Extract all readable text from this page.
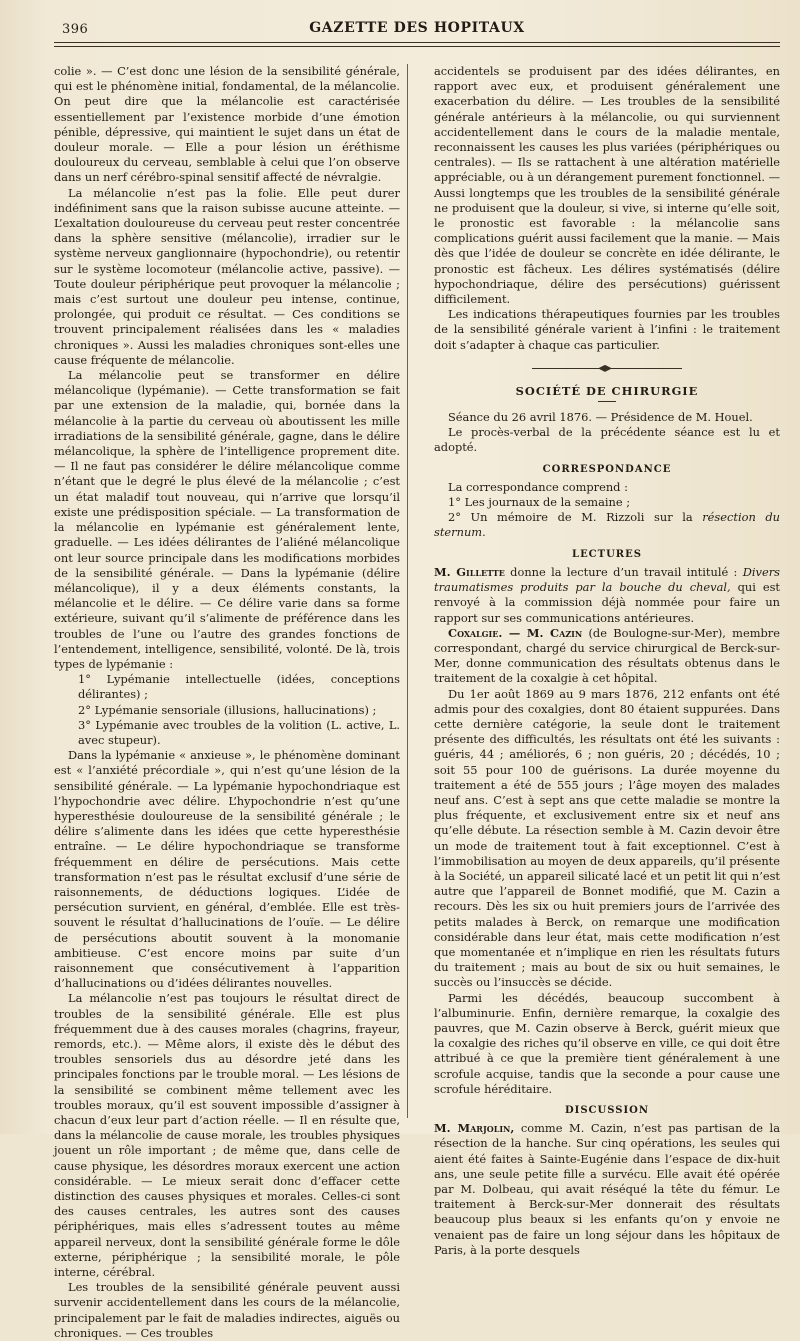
396	GAZETTE DES HOPITAUX

colie ». — C’est donc une lésion de la sensibilité générale, qui est le phénomène initial, fondamental, de la mélancolie. On peut dire que la mélancolie est caractérisée essentiellement par l’existence morbide d’une émotion pénible, dépressive, qui maintient le sujet dans un état de douleur morale. — Elle a pour lésion un éréthisme douloureux du cerveau, semblable à celui que l’on observe dans un nerf cérébro-spinal sensitif affecté de névralgie.

La mélancolie n’est pas la folie. Elle peut durer indéfiniment sans que la raison subisse aucune atteinte. — L’exaltation douloureuse du cerveau peut rester concentrée dans la sphère sensitive (mélancolie), irradier sur le système nerveux ganglionnaire (hypochondrie), ou retentir sur le système locomoteur (mélancolie active, passive). — Toute douleur périphérique peut provoquer la mélancolie ; mais c’est surtout une douleur peu intense, continue, prolongée, qui produit ce résultat. — Ces conditions se trouvent principalement réalisées dans les « maladies chroniques ». Aussi les maladies chroniques sont-elles une cause fréquente de mélancolie.

La mélancolie peut se transformer en délire mélancolique (lypémanie). — Cette transformation se fait par une extension de la maladie, qui, bornée dans la mélancolie à la partie du cerveau où aboutissent les mille irradiations de la sensibilité générale, gagne, dans le délire mélancolique, la sphère de l’intelligence proprement dite. — Il ne faut pas considérer le délire mélancolique comme n’étant que le degré le plus élevé de la mélancolie ; c’est un état maladif tout nouveau, qui n’arrive que lorsqu’il existe une prédisposition spéciale. — La transformation de la mélancolie en lypémanie est généralement lente, graduelle. — Les idées délirantes de l’aliéné mélancolique ont leur source principale dans les modifications morbides de la sensibilité générale. — Dans la lypémanie (délire mélancolique), il y a deux éléments constants, la mélancolie et le délire. — Ce délire varie dans sa forme extérieure, suivant qu’il s’alimente de préférence dans les troubles de l’une ou l’autre des grandes fonctions de l’entendement, intelligence, sensibilité, volonté. De là, trois types de lypémanie :

1° Lypémanie intellectuelle (idées, conceptions délirantes) ;

2° Lypémanie sensoriale (illusions, hallucinations) ;

3° Lypémanie avec troubles de la volition (L. active, L. avec stupeur).

Dans la lypémanie « anxieuse », le phénomène dominant est « l’anxiété précordiale », qui n’est qu’une lésion de la sensibilité générale. — La lypémanie hypochondriaque est l’hypochondrie avec délire. L’hypochondrie n’est qu’une hyperesthésie douloureuse de la sensibilité générale ; le délire s’alimente dans les idées que cette hyperesthésie entraîne. — Le délire hypochondriaque se transforme fréquemment en délire de persécutions. Mais cette transformation n’est pas le résultat exclusif d’une série de raisonnements, de déductions logiques. L’idée de persécution survient, en général, d’emblée. Elle est très-souvent le résultat d’hallucinations de l’ouïe. — Le délire de persécutions aboutit souvent à la monomanie ambitieuse. C’est encore moins par suite d’un raisonnement que consécutivement à l’apparition d’hallucinations ou d’idées délirantes nouvelles.

La mélancolie n’est pas toujours le résultat direct de troubles de la sensibilité générale. Elle est plus fréquemment due à des causes morales (chagrins, frayeur, remords, etc.). — Même alors, il existe dès le début des troubles sensoriels dus au désordre jeté dans les principales fonctions par le trouble moral. — Les lésions de la sensibilité se combinent même tellement avec les troubles moraux, qu’il est souvent impossible d’assigner à chacun d’eux leur part d’action réelle. — Il en résulte que, dans la mélancolie de cause morale, les troubles physiques jouent un rôle important ; de même que, dans celle de cause physique, les désordres moraux exercent une action considérable. — Le mieux serait donc d’effacer cette distinction des causes physiques et morales. Celles-ci sont des causes centrales, les autres sont des causes périphériques, mais elles s’adressent toutes au même appareil nerveux, dont la sensibilité générale forme le dôle externe, périphérique ; la sensibilité morale, le pôle interne, cérébral.

Les troubles de la sensibilité générale peuvent aussi survenir accidentellement dans les cours de la mélancolie, principalement par le fait de maladies indirectes, aiguës ou chroniques. — Ces troubles

accidentels se produisent par des idées délirantes, en rapport avec eux, et produisent généralement une exacerbation du délire. — Les troubles de la sensibilité générale antérieurs à la mélancolie, ou qui surviennent accidentellement dans le cours de la maladie mentale, reconnaissent les causes les plus variées (périphériques ou centrales). — Ils se rattachent à une altération matérielle appréciable, ou à un dérangement purement fonctionnel. — Aussi longtemps que les troubles de la sensibilité générale ne produisent que la douleur, si vive, si interne qu’elle soit, le pronostic est favorable : la mélancolie sans complications guérit aussi facilement que la manie. — Mais dès que l’idée de douleur se concrète en idée délirante, le pronostic est fâcheux. Les délires systématisés (délire hypochondriaque, délire des persécutions) guérissent difficilement.

Les indications thérapeutiques fournies par les troubles de la sensibilité générale varient à l’infini : le traitement doit s’adapter à chaque cas particulier.

SOCIÉTÉ DE CHIRURGIE

Séance du 26 avril 1876. — Présidence de M. Houel.

Le procès-verbal de la précédente séance est lu et adopté.

CORRESPONDANCE

La correspondance comprend :

1° Les journaux de la semaine ;

2° Un mémoire de M. Rizzoli sur la résection du sternum.

LECTURES

M. Gillette donne la lecture d’un travail intitulé : Divers traumatismes produits par la bouche du cheval, qui est renvoyé à la commission déjà nommée pour faire un rapport sur ses communications antérieures.

Coxalgie. — M. Cazin (de Boulogne-sur-Mer), membre correspondant, chargé du service chirurgical de Berck-sur-Mer, donne communication des résultats obtenus dans le traitement de la coxalgie à cet hôpital.

Du 1er août 1869 au 9 mars 1876, 212 enfants ont été admis pour des coxalgies, dont 80 étaient suppurées. Dans cette dernière catégorie, la seule dont le traitement présente des difficultés, les résultats ont été les suivants : guéris, 44 ; améliorés, 6 ; non guéris, 20 ; décédés, 10 ; soit 55 pour 100 de guérisons. La durée moyenne du traitement a été de 555 jours ; l’âge moyen des malades neuf ans. C’est à sept ans que cette maladie se montre la plus fréquente, et exclusivement entre six et neuf ans qu’elle débute. La résection semble à M. Cazin devoir être un mode de traitement tout à fait exceptionnel. C’est à l’immobilisation au moyen de deux appareils, qu’il présente à la Société, un appareil silicaté lacé et un petit lit qui n’est autre que l’appareil de Bonnet modifié, que M. Cazin a recours. Dès les six ou huit premiers jours de l’arrivée des petits malades à Berck, on remarque une modification considérable dans leur état, mais cette modification n’est que momentanée et n’implique en rien les résultats futurs du traitement ; mais au bout de six ou huit semaines, le succès ou l’insuccès se décide.

Parmi les décédés, beaucoup succombent à l’albuminurie. Enfin, dernière remarque, la coxalgie des pauvres, que M. Cazin observe à Berck, guérit mieux que la coxalgie des riches qu’il observe en ville, ce qui doit être attribué à ce que la première tient généralement à une scrofule acquise, tandis que la seconde a pour cause une scrofule héréditaire.

DISCUSSION

M. Marjolin, comme M. Cazin, n’est pas partisan de la résection de la hanche. Sur cinq opérations, les seules qui aient été faites à Sainte-Eugénie dans l’espace de dix-huit ans, une seule petite fille a survécu. Elle avait été opérée par M. Dolbeau, qui avait réséqué la tête du fémur. Le traitement à Berck-sur-Mer donnerait des résultats beaucoup plus beaux si les enfants qu’on y envoie ne venaient pas de faire un long séjour dans les hôpitaux de Paris, à la porte desquels
